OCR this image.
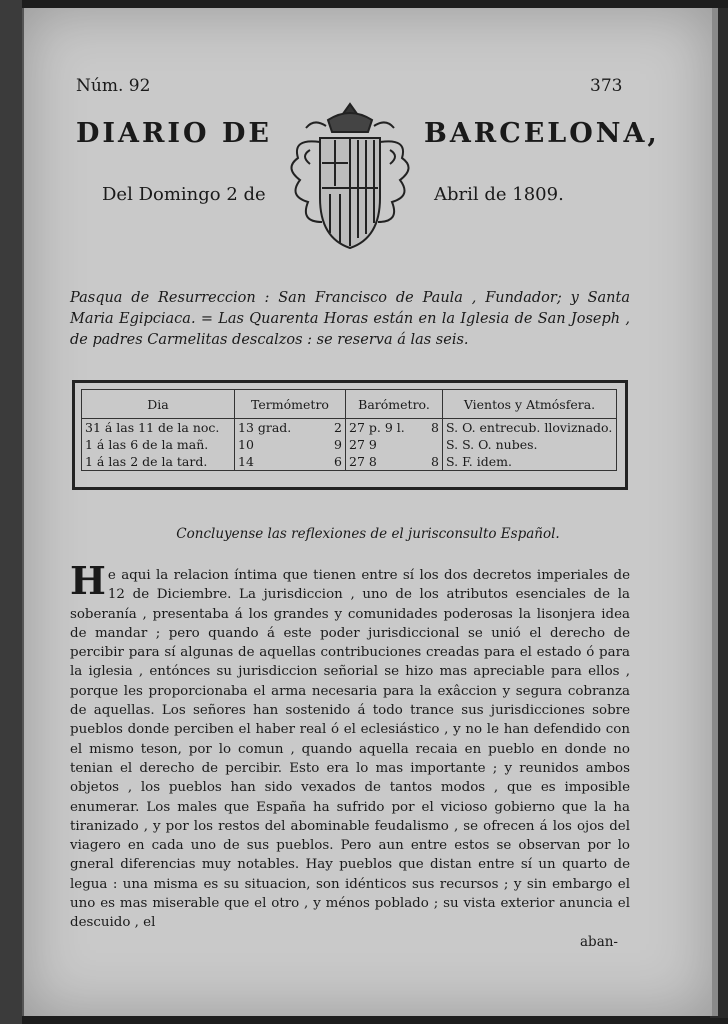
Núm. 92	373
DIARIO DE	BARCELONA,
Del Domingo 2 de	Abril de 1809.
Pasqua de Resurreccion : San Francisco de Paula , Fundador; y Santa Maria Egipciaca. = Las Quarenta Horas están en la Iglesia de San Joseph , de padres Carmelitas descalzos : se reserva á las seis.
Dia	Termómetro	Barómetro.	Vientos y Atmósfera.
31 á las 11 de la noc.	13 grad. 2	27 p. 9 l. 8	S. O. entrecub. lloviznado.
1 á las 6 de la mañ.	10 9	27 9	S. S. O. nubes.
1 á las 2 de la tard.	14 6	27 8 8	S. F. idem.
Concluyense las reflexiones de el jurisconsulto Español.

He aqui la relacion íntima que tienen entre sí los dos decretos imperiales de 12 de Diciembre. La jurisdiccion , uno de los atributos esenciales de la soberanía , presentaba á los grandes y comunidades poderosas la lisonjera idea de mandar ; pero quando á este poder jurisdiccional se unió el derecho de percibir para sí algunas de aquellas contribuciones creadas para el estado ó para la iglesia , entónces su jurisdiccion señorial se hizo mas apreciable para ellos , porque les proporcionaba el arma necesaria para la exâccion y segura cobranza de aquellas. Los señores han sostenido á todo trance sus jurisdicciones sobre pueblos donde perciben el haber real ó el eclesiástico , y no le han defendido con el mismo teson, por lo comun , quando aquella recaia en pueblo en donde no tenian el derecho de percibir. Esto era lo mas importante ; y reunidos ambos objetos , los pueblos han sido vexados de tantos modos , que es imposible enumerar. Los males que España ha sufrido por el vicioso gobierno que la ha tiranizado , y por los restos del abominable feudalismo , se ofrecen á los ojos del viagero en cada uno de sus pueblos. Pero aun entre estos se observan por lo gneral diferencias muy notables. Hay pueblos que distan entre sí un quarto de legua : una misma es su situacion, son idénticos sus recursos ; y sin embargo el uno es mas miserable que el otro , y ménos poblado ; su vista exterior anuncia el descuido , el

aban-
